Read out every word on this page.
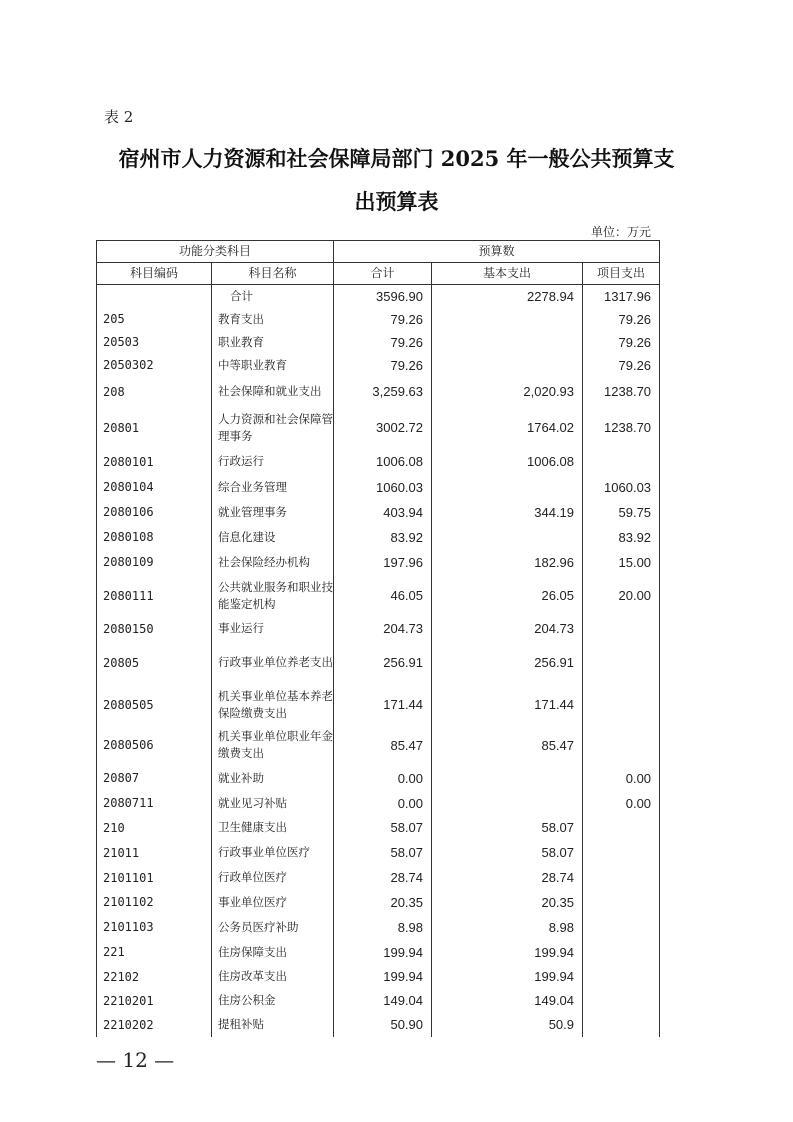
表 2
宿州市人力资源和社会保障局部门 2025 年一般公共预算支
出预算表
单位：万元
功能分类科目		预算数		
科目编码	科目名称	合计	基本支出	项目支出
	合计	3596.90	2278.94	1317.96
205	教育支出	79.26		79.26
20503	职业教育	79.26		79.26
2050302	中等职业教育	79.26		79.26
208	社会保障和就业支出	3,259.63	2,020.93	1238.70
20801	人力资源和社会保障管理事务	3002.72	1764.02	1238.70
2080101	行政运行	1006.08	1006.08	
2080104	综合业务管理	1060.03		1060.03
2080106	就业管理事务	403.94	344.19	59.75
2080108	信息化建设	83.92		83.92
2080109	社会保险经办机构	197.96	182.96	15.00
2080111	公共就业服务和职业技能鉴定机构	46.05	26.05	20.00
2080150	事业运行	204.73	204.73	
20805	行政事业单位养老支出	256.91	256.91	
2080505	机关事业单位基本养老保险缴费支出	171.44	171.44	
2080506	机关事业单位职业年金缴费支出	85.47	85.47	
20807	就业补助	0.00		0.00
2080711	就业见习补贴	0.00		0.00
210	卫生健康支出	58.07	58.07	
21011	行政事业单位医疗	58.07	58.07	
2101101	行政单位医疗	28.74	28.74	
2101102	事业单位医疗	20.35	20.35	
2101103	公务员医疗补助	8.98	8.98	
221	住房保障支出	199.94	199.94	
22102	住房改革支出	199.94	199.94	
2210201	住房公积金	149.04	149.04	
2210202	提租补贴	50.90	50.9	
— 12 —
